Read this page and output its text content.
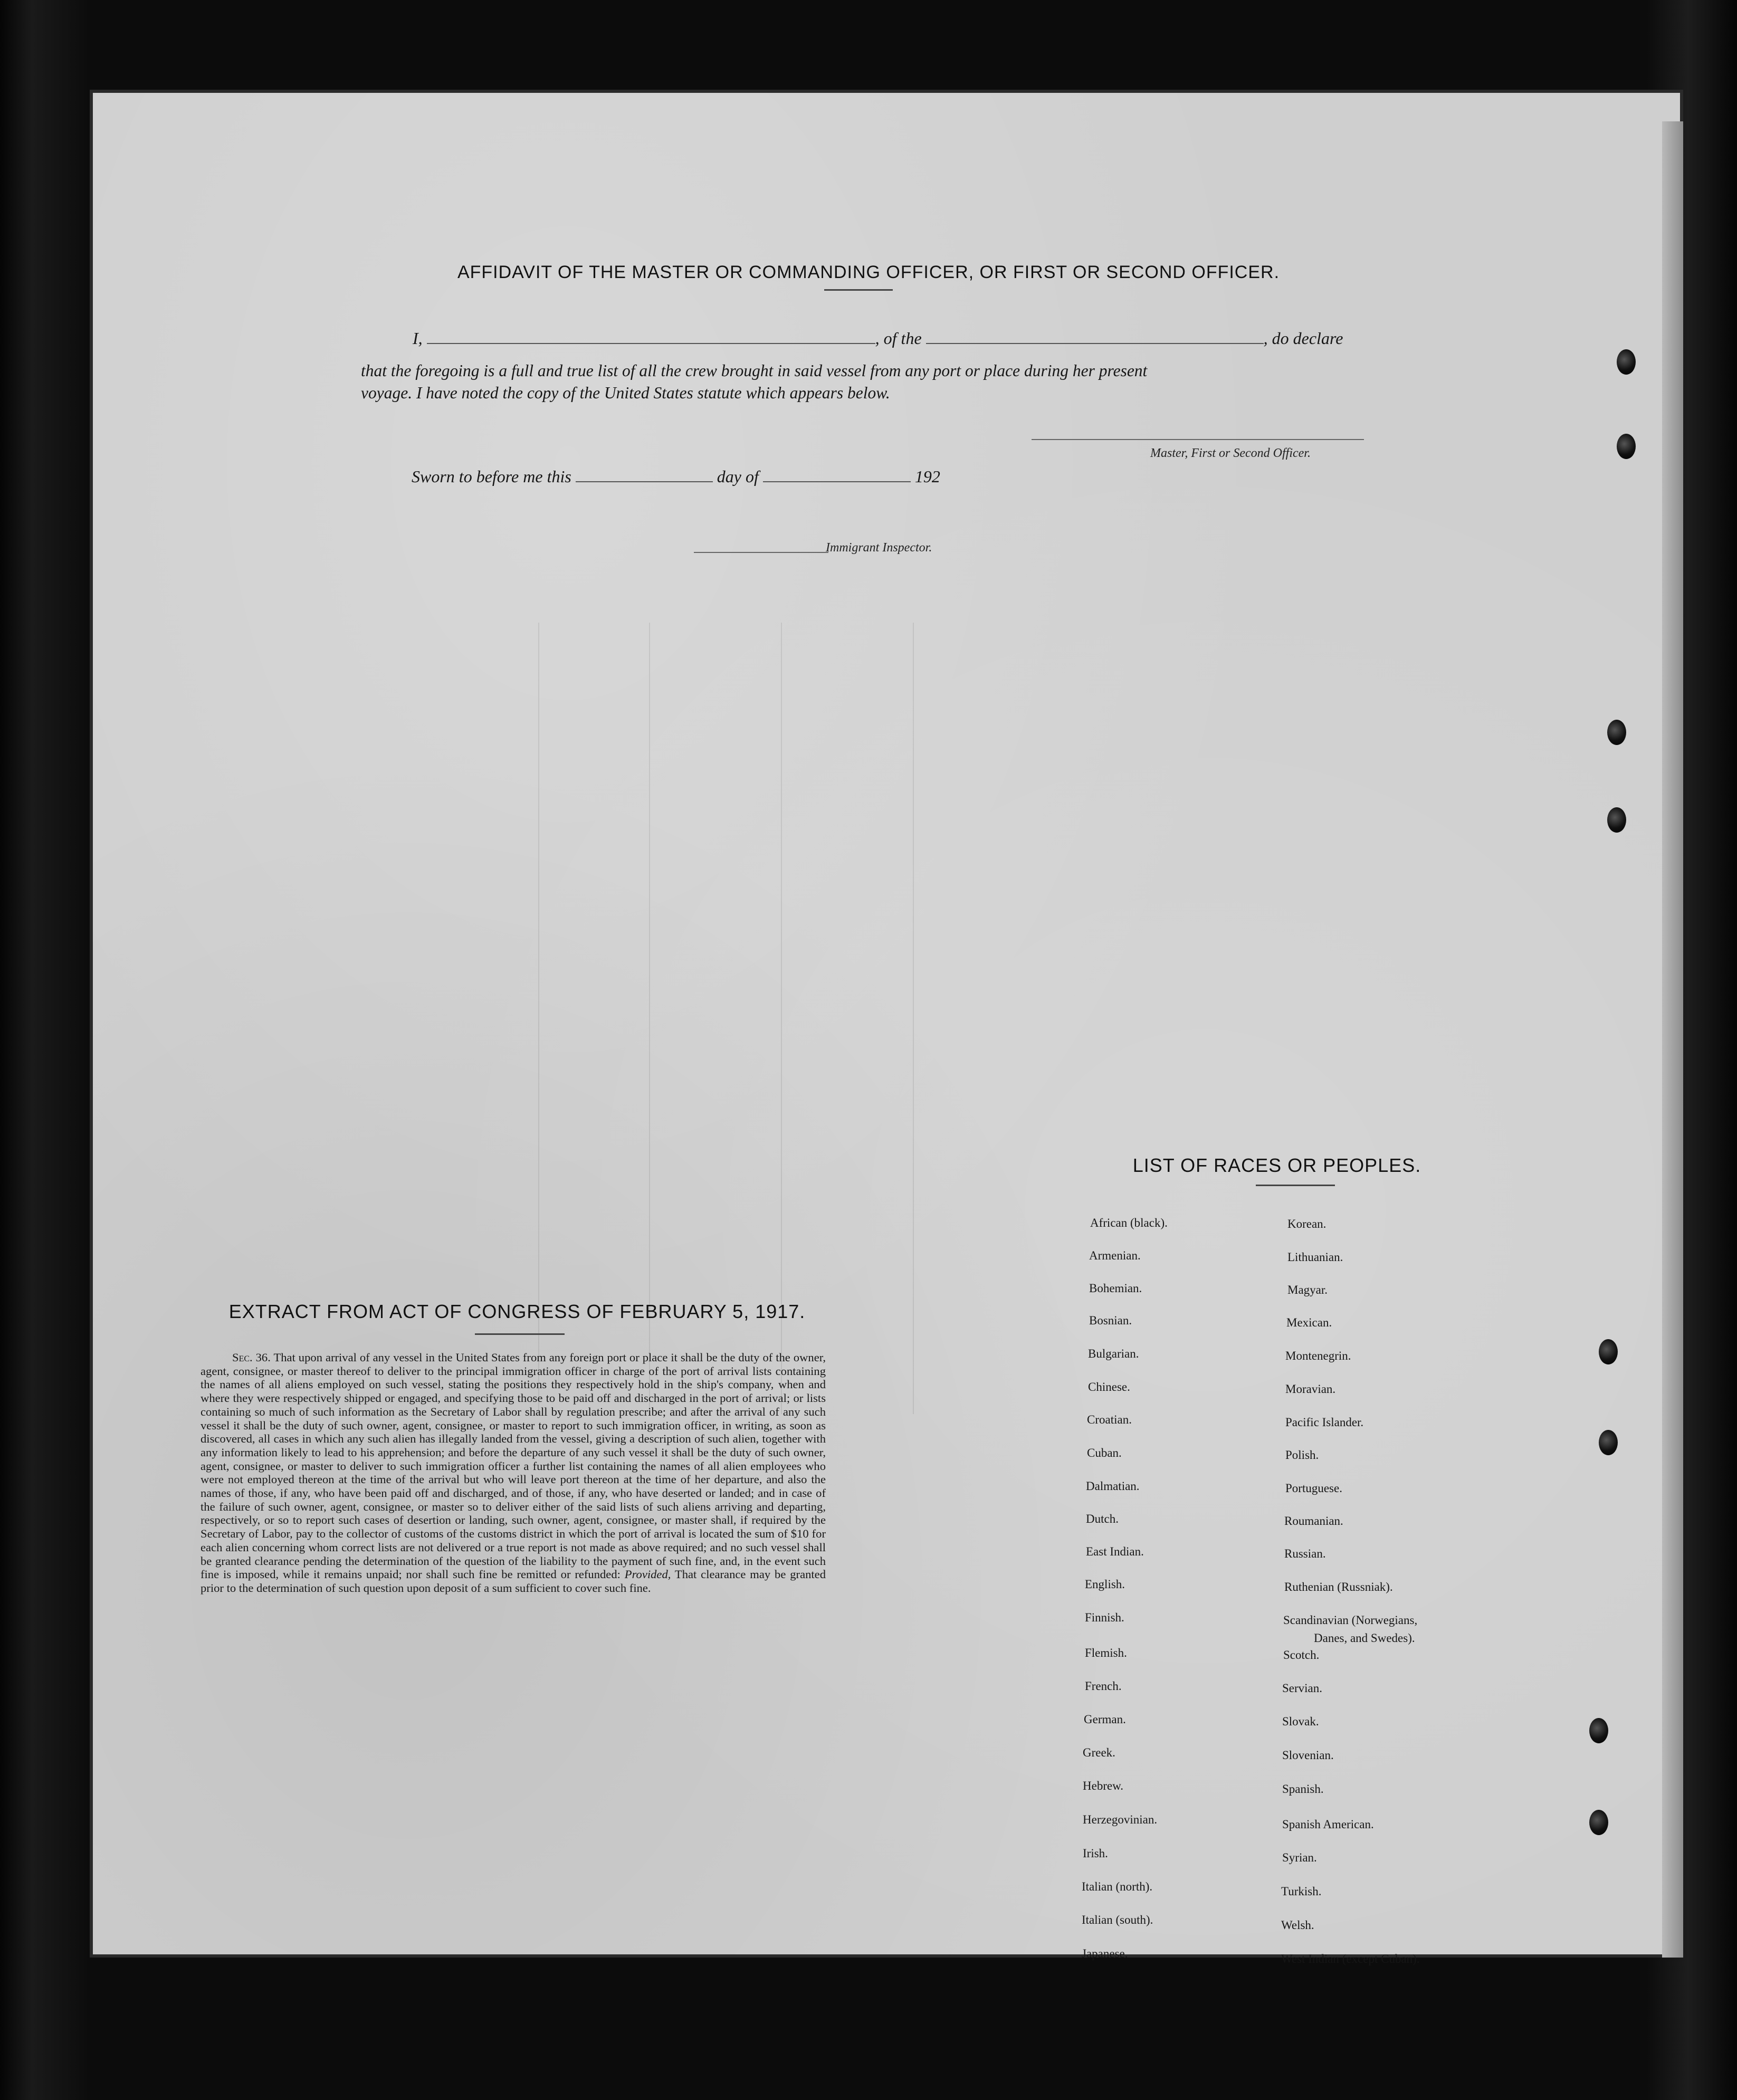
AFFIDAVIT OF THE MASTER OR COMMANDING OFFICER, OR FIRST OR SECOND OFFICER.
I,	, of the	, do declare
that the foregoing is a full and true list of all the crew brought in said vessel from any port or place during her present
voyage. I have noted the copy of the United States statute which appears below.
Master, First or Second Officer.
Sworn to before me this	day of	192
Immigrant Inspector.
EXTRACT FROM ACT OF CONGRESS OF FEBRUARY 5, 1917.
Sec. 36. That upon arrival of any vessel in the United States from any foreign port or place it shall be the duty of the owner, agent, consignee, or master thereof to deliver to the principal immigration officer in charge of the port of arrival lists containing the names of all aliens employed on such vessel, stating the positions they respectively hold in the ship's company, when and where they were respectively shipped or engaged, and specifying those to be paid off and discharged in the port of arrival; or lists containing so much of such information as the Secretary of Labor shall by regulation prescribe; and after the arrival of any such vessel it shall be the duty of such owner, agent, consignee, or master to report to such immigration officer, in writing, as soon as discovered, all cases in which any such alien has illegally landed from the vessel, giving a description of such alien, together with any information likely to lead to his apprehension; and before the departure of any such vessel it shall be the duty of such owner, agent, consignee, or master to deliver to such immigration officer a further list containing the names of all alien employees who were not employed thereon at the time of the arrival but who will leave port thereon at the time of her departure, and also the names of those, if any, who have been paid off and discharged, and of those, if any, who have deserted or landed; and in case of the failure of such owner, agent, consignee, or master so to deliver either of the said lists of such aliens arriving and departing, respectively, or so to report such cases of desertion or landing, such owner, agent, consignee, or master shall, if required by the Secretary of Labor, pay to the collector of customs of the customs district in which the port of arrival is located the sum of $10 for each alien concerning whom correct lists are not delivered or a true report is not made as above required; and no such vessel shall be granted clearance pending the determination of the question of the liability to the payment of such fine, and, in the event such fine is imposed, while it remains unpaid; nor shall such fine be remitted or refunded: Provided, That clearance may be granted prior to the determination of such question upon deposit of a sum sufficient to cover such fine.
LIST OF RACES OR PEOPLES.
African (black).
Armenian.
Bohemian.
Bosnian.
Bulgarian.
Chinese.
Croatian.
Cuban.
Dalmatian.
Dutch.
East Indian.
English.
Finnish.
Flemish.
French.
German.
Greek.
Hebrew.
Herzegovinian.
Irish.
Italian (north).
Italian (south).
Japanese.
Korean.
Lithuanian.
Magyar.
Mexican.
Montenegrin.
Moravian.
Pacific Islander.
Polish.
Portuguese.
Roumanian.
Russian.
Ruthenian (Russniak).
Scandinavian (Norwegians,
Danes, and Swedes).
Scotch.
Servian.
Slovak.
Slovenian.
Spanish.
Spanish American.
Syrian.
Turkish.
Welsh.
West Indian (except Cuban).
